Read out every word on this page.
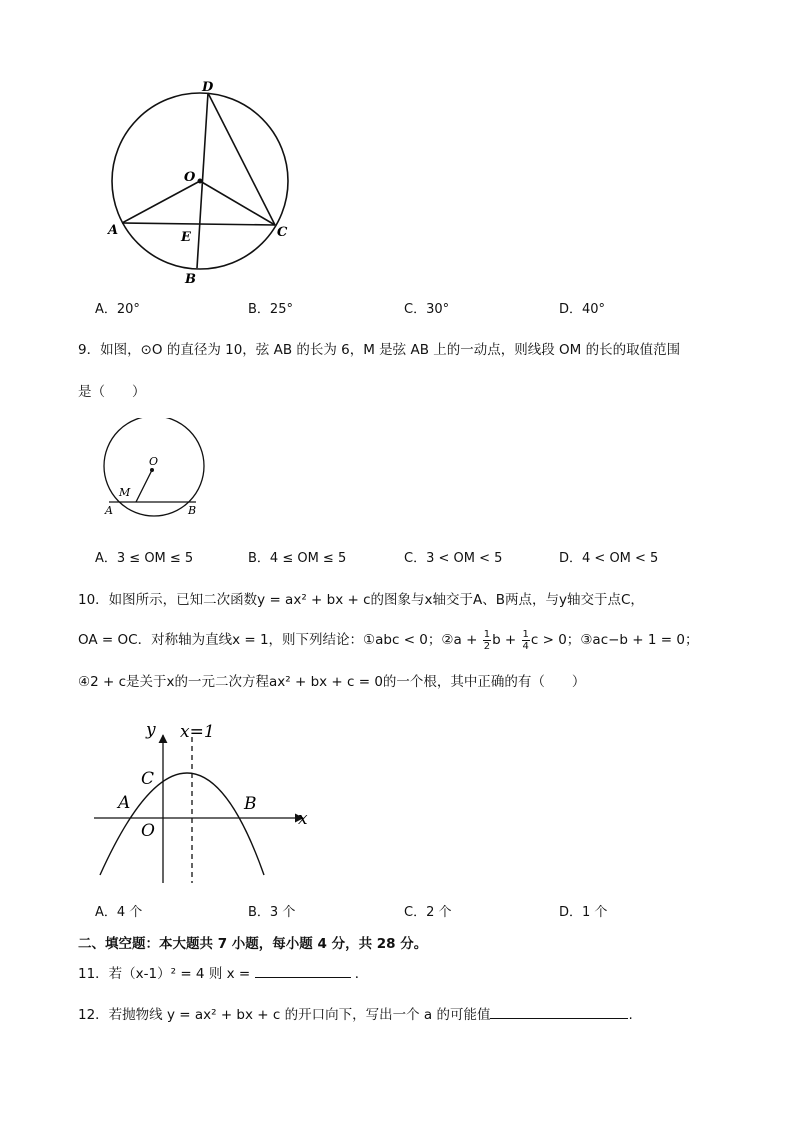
D
O
A	E	C
B
A．20°	B．25°	C．30°	D．40°
9．如图，⊙O 的直径为 10，弦 AB 的长为 6，M 是弦 AB 上的一动点，则线段 OM 的长的取值范围
是（　　）
O
M
A	B
A．3 ≤ OM ≤ 5	B．4 ≤ OM ≤ 5	C．3 < OM < 5	D．4 < OM < 5
10．如图所示，已知二次函数y = ax² + bx + c的图象与x轴交于A、B两点，与y轴交于点C，
OA = OC．对称轴为直线x = 1，则下列结论：①abc < 0；②a + $\frac{1}{2}$ $b + \frac{1}{4}$ c > 0；③ac−b + 1 = 0；
④2 + c是关于x的一元二次方程ax² + bx + c = 0的一个根，其中正确的有（　　）
y x=1
C
A	B
O
x
A．4 个	B．3 个	C．2 个	D．1 个
二、填空题：本大题共 7 小题，每小题 4 分，共 28 分。
11．若（x-1）² = 4 则 x =	．
12．若抛物线 y = ax² + bx + c 的开口向下，写出一个 a 的可能值	.
